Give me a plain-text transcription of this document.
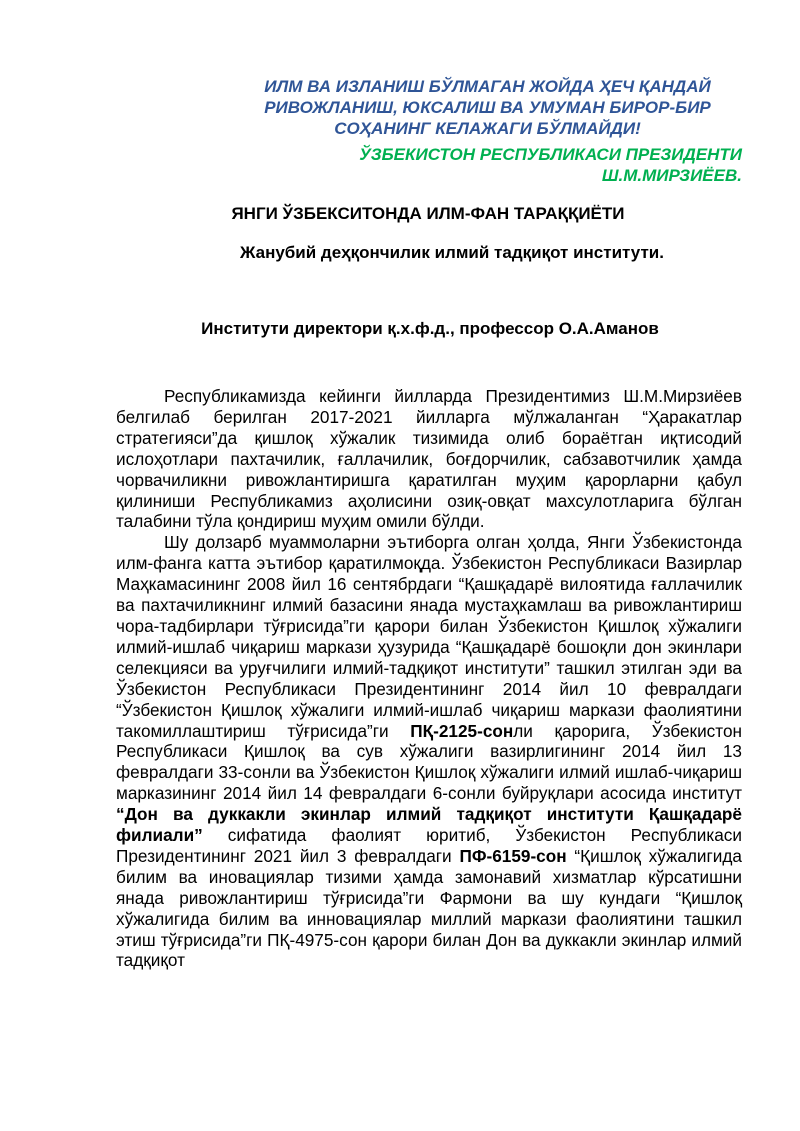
ИЛМ ВА ИЗЛАНИШ БЎЛМАГАН ЖОЙДА ҲЕЧ ҚАНДАЙ
РИВОЖЛАНИШ, ЮКСАЛИШ ВА УМУМАН БИРОР-БИР
СОҲАНИНГ КЕЛАЖАГИ БЎЛМАЙДИ!
ЎЗБЕКИСТОН РЕСПУБЛИКАСИ ПРЕЗИДЕНТИ
Ш.М.МИРЗИЁЕВ.
ЯНГИ ЎЗБЕКСИТОНДА ИЛМ-ФАН ТАРАҚҚИЁТИ
Жанубий деҳқончилик илмий тадқиқот институти.
Институти директори қ.х.ф.д., профессор О.А.Аманов

Республикамизда кейинги йилларда Президентимиз Ш.М.Мирзиёев белгилаб берилган 2017-2021 йилларга мўлжаланган “Ҳаракатлар стратегияси”да қишлоқ хўжалик тизимида олиб бораётган иқтисодий ислоҳотлари пахтачилик, ғаллачилик, боғдорчилик, сабзавотчилик ҳамда чорвачиликни ривожлантиришга қаратилган муҳим қарорларни қабул қилиниши Республикамиз аҳолисини озиқ-овқат махсулотларига бўлган талабини тўла қондириш муҳим омили бўлди.

Шу долзарб муаммоларни эътиборга олган ҳолда, Янги Ўзбекистонда илм-фанга катта эътибор қаратилмоқда. Ўзбекистон Республикаси Вазирлар Маҳкамасининг 2008 йил 16 сентябрдаги “Қашқадарё вилоятида ғаллачилик ва пахтачиликнинг илмий базасини янада мустаҳкамлаш ва ривожлантириш чора-тадбирлари тўғрисида”ги қарори билан Ўзбекистон Қишлоқ хўжалиги илмий-ишлаб чиқариш маркази ҳузурида “Қашқадарё бошоқли дон экинлари селекцияси ва уруғчилиги илмий-тадқиқот институти” ташкил этилган эди ва Ўзбекистон Республикаси Президентининг 2014 йил 10 февралдаги “Ўзбекистон Қишлоқ хўжалиги илмий-ишлаб чиқариш маркази фаолиятини такомиллаштириш тўғрисида”ги ПҚ-2125-сонли қарорига, Ўзбекистон Республикаси Қишлоқ ва сув хўжалиги вазирлигининг 2014 йил 13 февралдаги 33-сонли ва Ўзбекистон Қишлоқ хўжалиги илмий ишлаб-чиқариш марказининг 2014 йил 14 февралдаги 6-сонли буйруқлари асосида институт “Дон ва дуккакли экинлар илмий тадқиқот институти Қашқадарё филиали” сифатида фаолият юритиб, Ўзбекистон Республикаси Президентининг 2021 йил 3 февралдаги ПФ-6159-сон “Қишлоқ хўжалигида билим ва иновациялар тизими ҳамда замонавий хизматлар кўрсатишни янада ривожлантириш тўғрисида”ги Фармони ва шу кундаги “Қишлоқ хўжалигида билим ва инновациялар миллий маркази фаолиятини ташкил этиш тўғрисида”ги ПҚ-4975-сон қарори билан Дон ва дуккакли экинлар илмий тадқиқот
